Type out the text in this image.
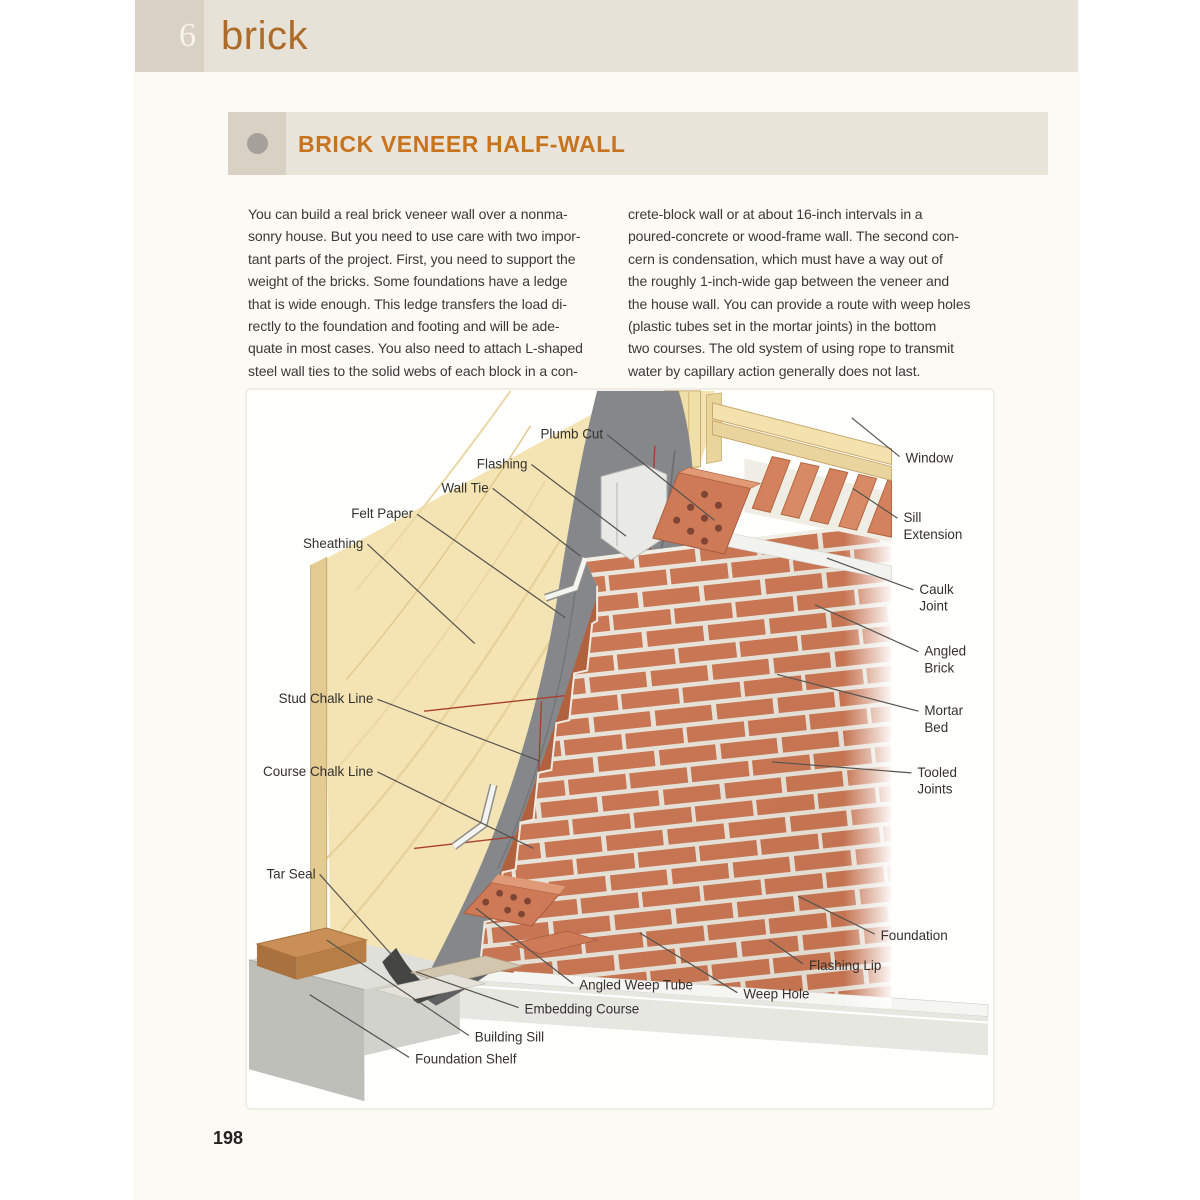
6 brick
BRICK VENEER HALF-WALL
You can build a real brick veneer wall over a nonma-
sonry house. But you need to use care with two impor-
tant parts of the project. First, you need to support the
weight of the bricks. Some foundations have a ledge
that is wide enough. This ledge transfers the load di-
rectly to the foundation and footing and will be ade-
quate in most cases. You also need to attach L-shaped
steel wall ties to the solid webs of each block in a con-
crete-block wall or at about 16-inch intervals in a
poured-concrete or wood-frame wall. The second con-
cern is condensation, which must have a way out of
the roughly 1-inch-wide gap between the veneer and
the house wall. You can provide a route with weep holes
(plastic tubes set in the mortar joints) in the bottom
two courses. The old system of using rope to transmit
water by capillary action generally does not last.
Plumb Cut
Flashing
Wall Tie
Felt Paper
Sheathing
Stud Chalk Line
Course Chalk Line
Tar Seal
Window
Sill
Extension
Caulk
Joint
Angled
Brick
Mortar
Bed
Tooled
Joints
Foundation
Flashing Lip
Weep Hole
Angled Weep Tube
Embedding Course
Building Sill
Foundation Shelf
198
